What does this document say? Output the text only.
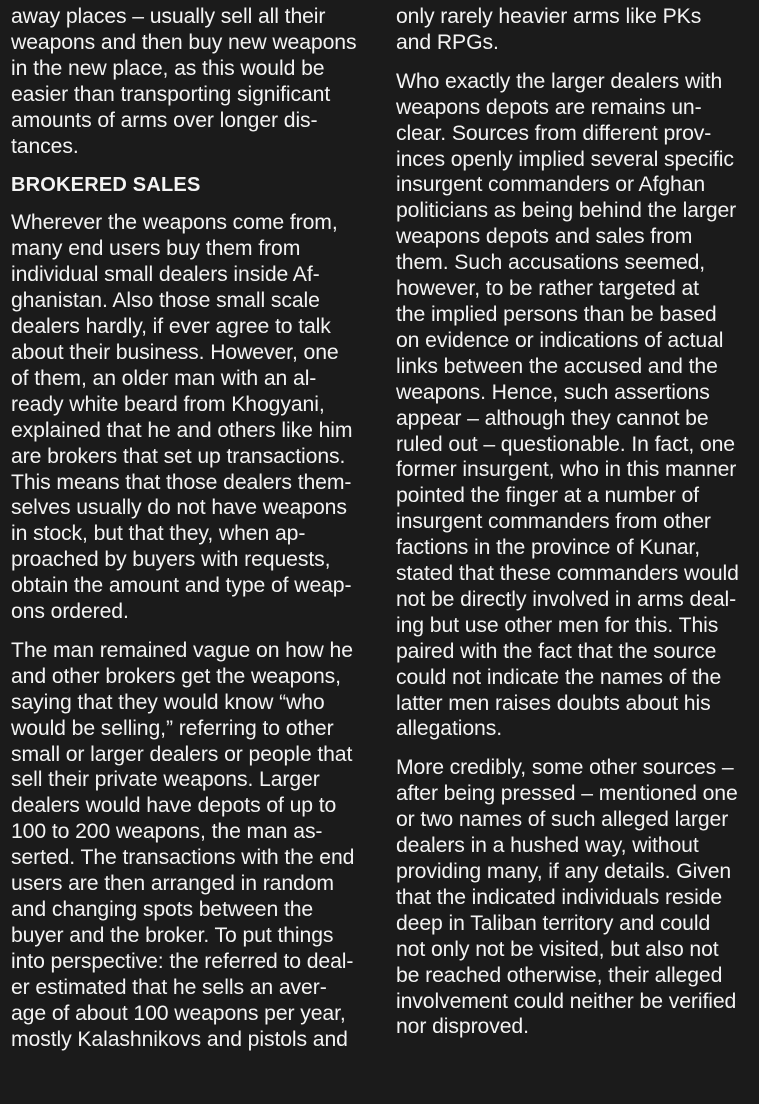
away places – usually sell all their
weapons and then buy new weapons
in the new place, as this would be
easier than transporting significant
amounts of arms over longer dis-
tances.
BROKERED SALES
Wherever the weapons come from,
many end users buy them from
individual small dealers inside Af-
ghanistan. Also those small scale
dealers hardly, if ever agree to talk
about their business. However, one
of them, an older man with an al-
ready white beard from Khogyani,
explained that he and others like him
are brokers that set up transactions.
This means that those dealers them-
selves usually do not have weapons
in stock, but that they, when ap-
proached by buyers with requests,
obtain the amount and type of weap-
ons ordered.
The man remained vague on how he
and other brokers get the weapons,
saying that they would know “who
would be selling,” referring to other
small or larger dealers or people that
sell their private weapons. Larger
dealers would have depots of up to
100 to 200 weapons, the man as-
serted. The transactions with the end
users are then arranged in random
and changing spots between the
buyer and the broker. To put things
into perspective: the referred to deal-
er estimated that he sells an aver-
age of about 100 weapons per year,
mostly Kalashnikovs and pistols and
only rarely heavier arms like PKs
and RPGs.
Who exactly the larger dealers with
weapons depots are remains un-
clear. Sources from different prov-
inces openly implied several specific
insurgent commanders or Afghan
politicians as being behind the larger
weapons depots and sales from
them. Such accusations seemed,
however, to be rather targeted at
the implied persons than be based
on evidence or indications of actual
links between the accused and the
weapons. Hence, such assertions
appear – although they cannot be
ruled out – questionable. In fact, one
former insurgent, who in this manner
pointed the finger at a number of
insurgent commanders from other
factions in the province of Kunar,
stated that these commanders would
not be directly involved in arms deal-
ing but use other men for this. This
paired with the fact that the source
could not indicate the names of the
latter men raises doubts about his
allegations.
More credibly, some other sources –
after being pressed – mentioned one
or two names of such alleged larger
dealers in a hushed way, without
providing many, if any details. Given
that the indicated individuals reside
deep in Taliban territory and could
not only not be visited, but also not
be reached otherwise, their alleged
involvement could neither be verified
nor disproved.
